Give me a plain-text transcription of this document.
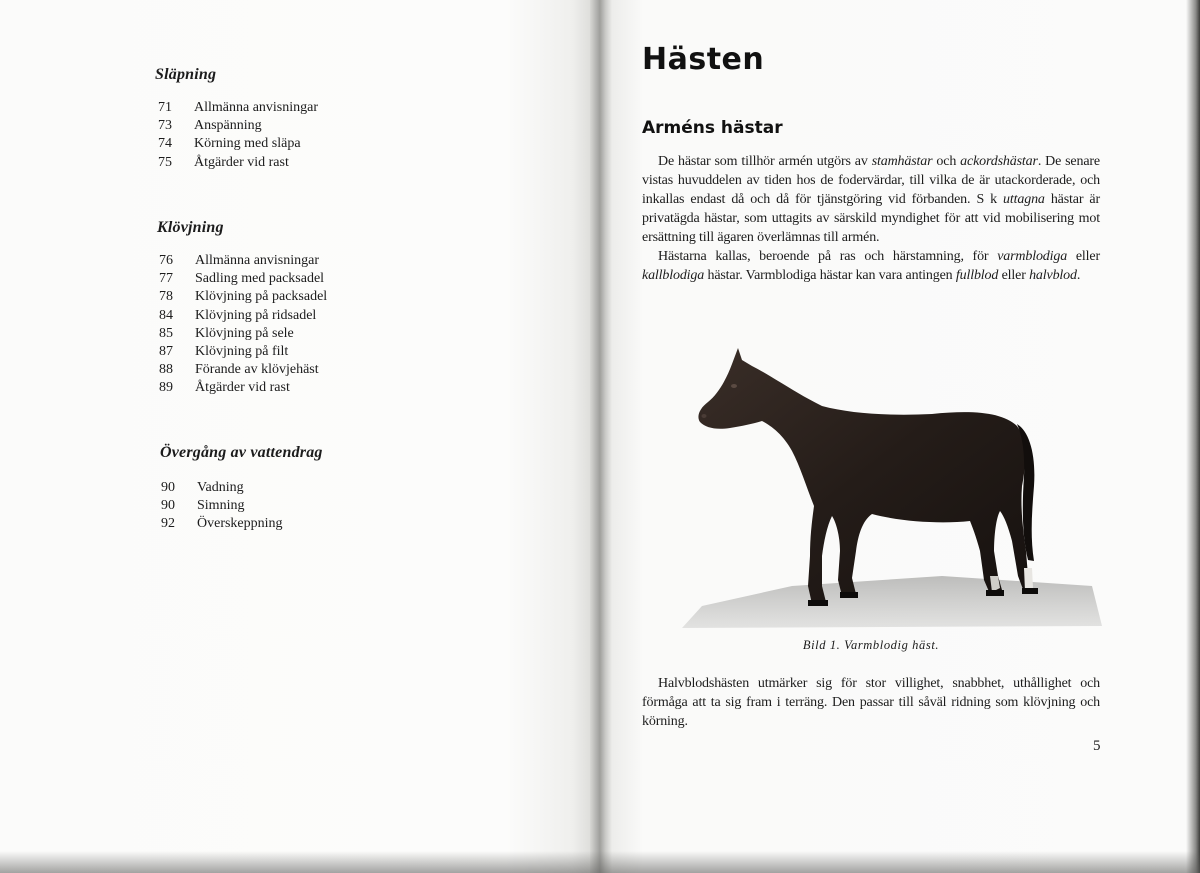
Släpning
71	Allmänna anvisningar
73	Anspänning
74	Körning med släpa
75	Åtgärder vid rast
Klövjning
76	Allmänna anvisningar
77	Sadling med packsadel
78	Klövjning på packsadel
84	Klövjning på ridsadel
85	Klövjning på sele
87	Klövjning på filt
88	Förande av klövjehäst
89	Åtgärder vid rast
Övergång av vattendrag
90	Vadning
90	Simning
92	Överskeppning
Hästen
Arméns hästar

De hästar som tillhör armén utgörs av stamhästar och ackordshästar. De senare vistas huvuddelen av tiden hos de fodervärdar, till vilka de är utackorderade, och inkallas endast då och då för tjänstgöring vid förbanden. S k uttagna hästar är privatägda hästar, som uttagits av särskild myndighet för att vid mobilisering mot ersättning till ägaren överlämnas till armén.

Hästarna kallas, beroende på ras och härstamning, för varmblodiga eller kallblodiga hästar. Varmblodiga hästar kan vara antingen fullblod eller halvblod.

Bild 1. Varmblodig häst.

Halvblodshästen utmärker sig för stor villighet, snabbhet, uthållighet och förmåga att ta sig fram i terräng. Den passar till såväl ridning som klövjning och körning.

5
